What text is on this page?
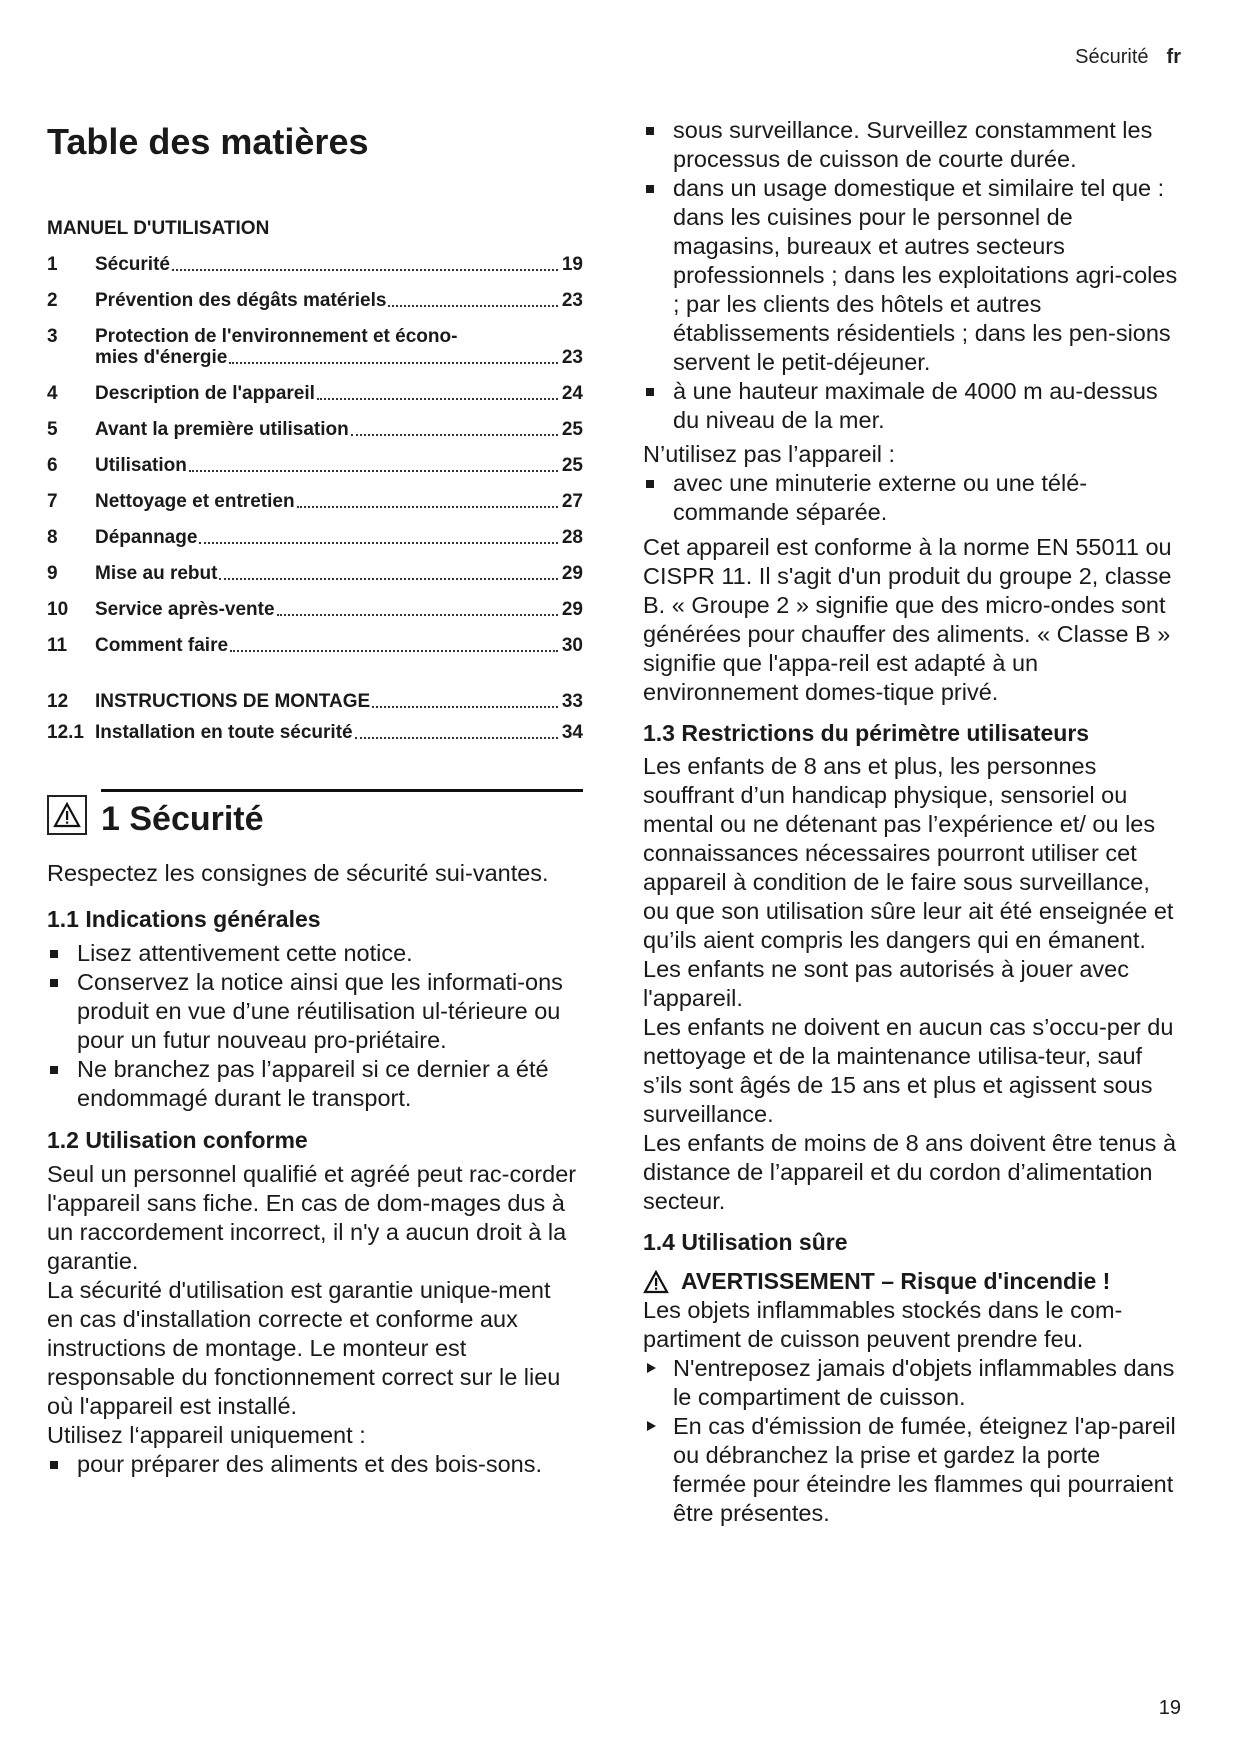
Sécurité fr
Table des matières
MANUEL D'UTILISATION
1	Sécurité	19
2	Prévention des dégâts matériels	23
3	Protection de l'environnement et écono-
mies d'énergie	23
4	Description de l'appareil	24
5	Avant la première utilisation	25
6	Utilisation	25
7	Nettoyage et entretien	27
8	Dépannage	28
9	Mise au rebut	29
10	Service après-vente	29
11	Comment faire	30
12	INSTRUCTIONS DE MONTAGE	33
12.1 Installation en toute sécurité	34
1 Sécurité

Respectez les consignes de sécurité sui-vantes.

1.1 Indications générales
Lisez attentivement cette notice.
Conservez la notice ainsi que les informati-ons produit en vue d’une réutilisation ul-térieure ou pour un futur nouveau pro-priétaire.
Ne branchez pas l’appareil si ce dernier a été endommagé durant le transport.
1.2 Utilisation conforme

Seul un personnel qualifié et agréé peut rac-corder l'appareil sans fiche. En cas de dom-mages dus à un raccordement incorrect, il n'y a aucun droit à la garantie.

La sécurité d'utilisation est garantie unique-ment en cas d'installation correcte et conforme aux instructions de montage. Le monteur est responsable du fonctionnement correct sur le lieu où l'appareil est installé.

Utilisez l‘appareil uniquement :

pour préparer des aliments et des bois-sons.
sous surveillance. Surveillez constamment les processus de cuisson de courte durée.
dans un usage domestique et similaire tel que : dans les cuisines pour le personnel de magasins, bureaux et autres secteurs professionnels ; dans les exploitations agri-coles ; par les clients des hôtels et autres établissements résidentiels ; dans les pen-sions servent le petit-déjeuner.
à une hauteur maximale de 4000 m au-dessus du niveau de la mer.

N’utilisez pas l’appareil :

avec une minuterie externe ou une télé-commande séparée.

Cet appareil est conforme à la norme EN 55011 ou CISPR 11. Il s'agit d'un produit du groupe 2, classe B. « Groupe 2 » signifie que des micro-ondes sont générées pour chauffer des aliments. « Classe B » signifie que l'appa-reil est adapté à un environnement domes-tique privé.

1.3 Restrictions du périmètre utilisateurs

Les enfants de 8 ans et plus, les personnes souffrant d’un handicap physique, sensoriel ou mental ou ne détenant pas l’expérience et/ ou les connaissances nécessaires pourront utiliser cet appareil à condition de le faire sous surveillance, ou que son utilisation sûre leur ait été enseignée et qu’ils aient compris les dangers qui en émanent.

Les enfants ne sont pas autorisés à jouer avec l'appareil.

Les enfants ne doivent en aucun cas s’occu-per du nettoyage et de la maintenance utilisa-teur, sauf s’ils sont âgés de 15 ans et plus et agissent sous surveillance.

Les enfants de moins de 8 ans doivent être tenus à distance de l’appareil et du cordon d’alimentation secteur.

1.4 Utilisation sûre
AVERTISSEMENT – Risque d'incendie !

Les objets inflammables stockés dans le com-partiment de cuisson peuvent prendre feu.

N'entreposez jamais d'objets inflammables dans le compartiment de cuisson.
En cas d'émission de fumée, éteignez l'ap-pareil ou débranchez la prise et gardez la porte fermée pour éteindre les flammes qui pourraient être présentes.
19
